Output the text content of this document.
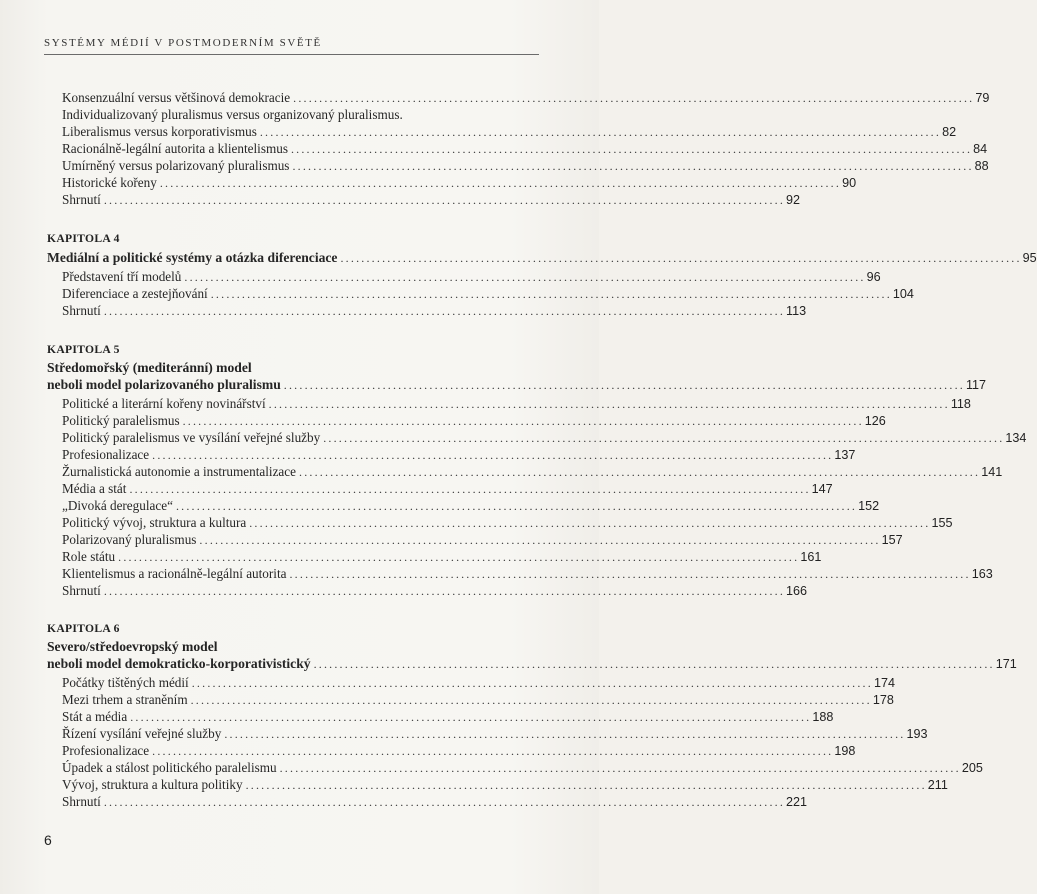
SYSTÉMY MÉDIÍ V POSTMODERNÍM SVĚTĚ
Konsenzuální versus většinová demokracie ................................................................................................................................... 79
Individualizovaný pluralismus versus organizovaný pluralismus.
Liberalismus versus korporativismus ................................................................................................................................... 82
Racionálně-legální autorita a klientelismus ................................................................................................................................... 84
Umírněný versus polarizovaný pluralismus ................................................................................................................................... 88
Historické kořeny ................................................................................................................................... 90
Shrnutí ................................................................................................................................... 92
KAPITOLA 4
Mediální a politické systémy a otázka diferenciace ................................................................................................................................... 95
Představení tří modelů ................................................................................................................................... 96
Diferenciace a zestejňování ................................................................................................................................... 104
Shrnutí ................................................................................................................................... 113
KAPITOLA 5
Středomořský (mediteránní) model
neboli model polarizovaného pluralismu ................................................................................................................................... 117
Politické a literární kořeny novinářství ................................................................................................................................... 118
Politický paralelismus ................................................................................................................................... 126
Politický paralelismus ve vysílání veřejné služby ................................................................................................................................... 134
Profesionalizace ................................................................................................................................... 137
Žurnalistická autonomie a instrumentalizace ................................................................................................................................... 141
Média a stát ................................................................................................................................... 147
„Divoká deregulace“ ................................................................................................................................... 152
Politický vývoj, struktura a kultura ................................................................................................................................... 155
Polarizovaný pluralismus ................................................................................................................................... 157
Role státu ................................................................................................................................... 161
Klientelismus a racionálně-legální autorita ................................................................................................................................... 163
Shrnutí ................................................................................................................................... 166
KAPITOLA 6
Severo/středoevropský model
neboli model demokraticko-korporativistický ................................................................................................................................... 171
Počátky tištěných médií ................................................................................................................................... 174
Mezi trhem a straněním ................................................................................................................................... 178
Stát a média ................................................................................................................................... 188
Řízení vysílání veřejné služby ................................................................................................................................... 193
Profesionalizace ................................................................................................................................... 198
Úpadek a stálost politického paralelismu ................................................................................................................................... 205
Vývoj, struktura a kultura politiky ................................................................................................................................... 211
Shrnutí ................................................................................................................................... 221
6
